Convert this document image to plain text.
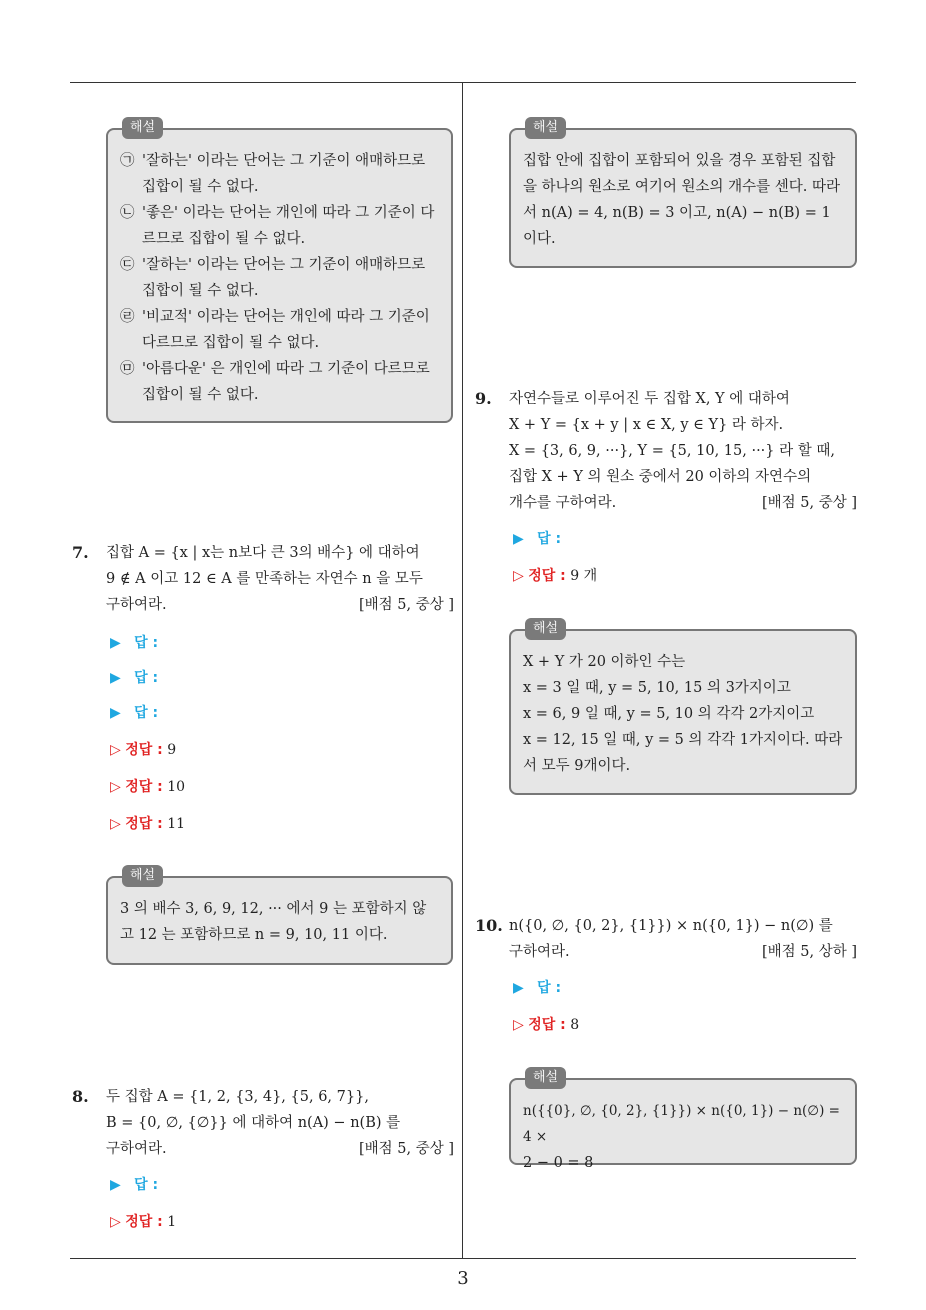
해설
㉠ '잘하는' 이라는 단어는 그 기준이 애매하므로 집합이 될 수 없다.
㉡ '좋은' 이라는 단어는 개인에 따라 그 기준이 다르므로 집합이 될 수 없다.
㉢ '잘하는' 이라는 단어는 그 기준이 애매하므로 집합이 될 수 없다.
㉣ '비교적' 이라는 단어는 개인에 따라 그 기준이 다르므로 집합이 될 수 없다.
㉤ '아름다운' 은 개인에 따라 그 기준이 다르므로 집합이 될 수 없다.
해설
집합 안에 집합이 포함되어 있을 경우 포함된 집합을 하나의 원소로 여기어 원소의 개수를 센다. 따라서 n(A) = 4, n(B) = 3 이고, n(A) − n(B) = 1 이다.
7. 집합 A = {x | x는 n보다 큰 3의 배수} 에 대하여
9 ∉ A 이고 12 ∈ A 를 만족하는 자연수 n 을 모두
[배점 5, 중상 ]
구하여라.
▶ 답 :
▶ 답 :
▶ 답 :
▷ 정답 : 9
▷ 정답 : 10
▷ 정답 : 11
해설
3 의 배수 3, 6, 9, 12, ··· 에서 9 는 포함하지 않고 12 는 포함하므로 n = 9, 10, 11 이다.
8. 두 집합 A = {1, 2, {3, 4}, {5, 6, 7}},
B = {0, ∅, {∅}} 에 대하여 n(A) − n(B) 를
[배점 5, 중상 ]
구하여라.
▶ 답 :
▷ 정답 : 1
9. 자연수들로 이루어진 두 집합 X, Y 에 대하여
X + Y = {x + y | x ∈ X, y ∈ Y} 라 하자.
X = {3, 6, 9, ···}, Y = {5, 10, 15, ···} 라 할 때,
집합 X + Y 의 원소 중에서 20 이하의 자연수의
[배점 5, 중상 ]
개수를 구하여라.
▶ 답 :
▷ 정답 : 9 개
해설
X + Y 가 20 이하인 수는
x = 3 일 때, y = 5, 10, 15 의 3가지이고
x = 6, 9 일 때, y = 5, 10 의 각각 2가지이고
x = 12, 15 일 때, y = 5 의 각각 1가지이다. 따라
서 모두 9개이다.
10. n({0, ∅, {0, 2}, {1}}) × n({0, 1}) − n(∅) 를
[배점 5, 상하 ]
구하여라.
▶ 답 :
▷ 정답 : 8
해설
n({{0}, ∅, {0, 2}, {1}}) × n({0, 1}) − n(∅) = 4 ×
2 − 0 = 8
3
